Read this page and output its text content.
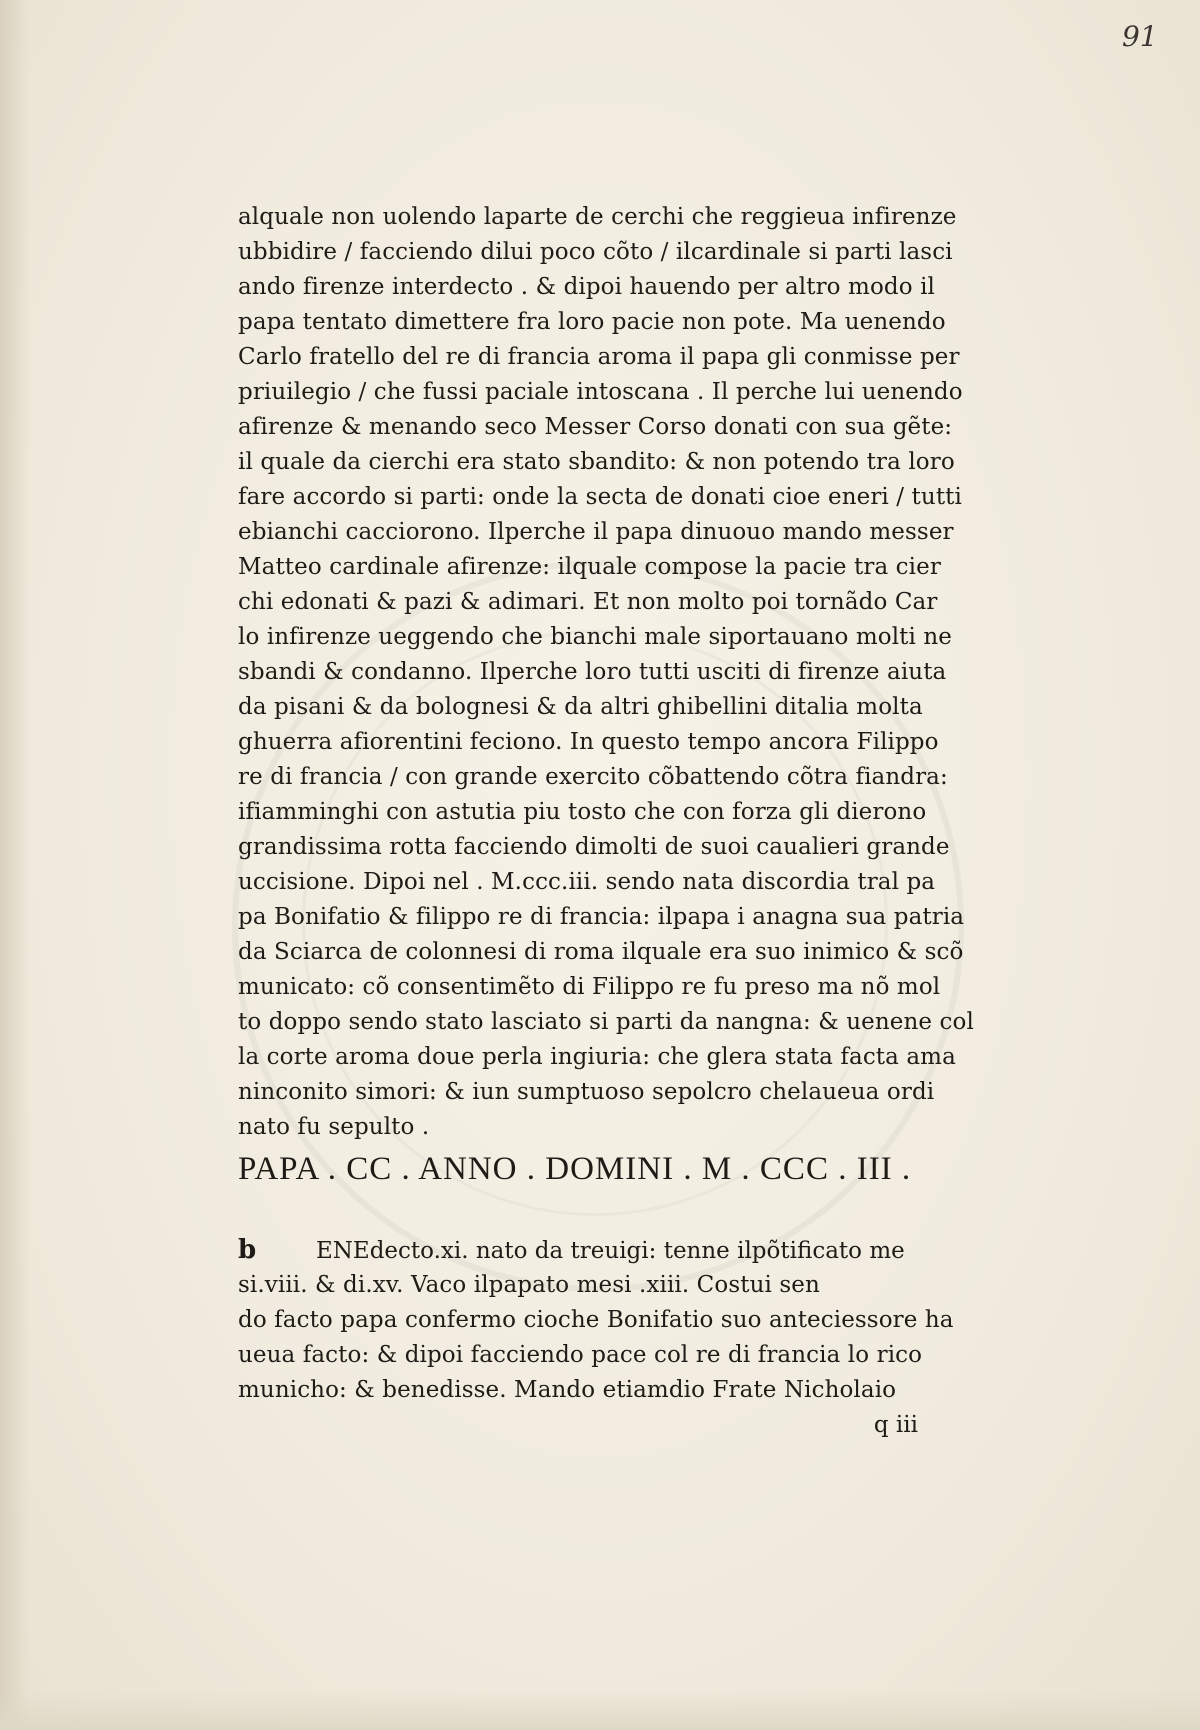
91
alquale non uolendo laparte de cerchi che reggieua infirenze
ubbidire / facciendo dilui poco cõto / ilcardinale si parti lasci
ando firenze interdecto . & dipoi hauendo per altro modo il
papa tentato dimettere fra loro pacie non pote. Ma uenendo
Carlo fratello del re di francia aroma il papa gli conmisse per
priuilegio / che fussi paciale intoscana . Il perche lui uenendo
afirenze & menando seco Messer Corso donati con sua gẽte:
il quale da cierchi era stato sbandito: & non potendo tra loro
fare accordo si parti: onde la secta de donati cioe eneri / tutti
ebianchi cacciorono. Ilperche il papa dinuouo mando messer
Matteo cardinale afirenze: ilquale compose la pacie tra cier
chi edonati & pazi & adimari. Et non molto poi tornãdo Car
lo infirenze ueggendo che bianchi male siportauano molti ne
sbandi & condanno. Ilperche loro tutti usciti di firenze aiuta
da pisani & da bolognesi & da altri ghibellini ditalia molta
ghuerra afiorentini feciono. In questo tempo ancora Filippo
re di francia / con grande exercito cõbattendo cõtra fiandra:
ifiamminghi con astutia piu tosto che con forza gli dierono
grandissima rotta facciendo dimolti de suoi caualieri grande
uccisione. Dipoi nel . M.ccc.iii. sendo nata discordia tral pa
pa Bonifatio & filippo re di francia: ilpapa i anagna sua patria
da Sciarca de colonnesi di roma ilquale era suo inimico & scõ
municato: cõ consentimẽto di Filippo re fu preso ma nõ mol
to doppo sendo stato lasciato si parti da nangna: & uenene col
la corte aroma doue perla ingiuria: che glera stata facta ama
ninconito simori: & iun sumptuoso sepolcro chelaueua ordi
nato fu sepulto .
PAPA . CC . ANNO . DOMINI . M . CCC . III .
b	ENEdecto.xi. nato da treuigi: tenne ilpõtificato me
si.viii. & di.xv. Vaco ilpapato mesi .xiii. Costui sen
do facto papa confermo cioche Bonifatio suo anteciessore ha
ueua facto: & dipoi facciendo pace col re di francia lo rico
municho: & benedisse. Mando etiamdio Frate Nicholaio
q iii
